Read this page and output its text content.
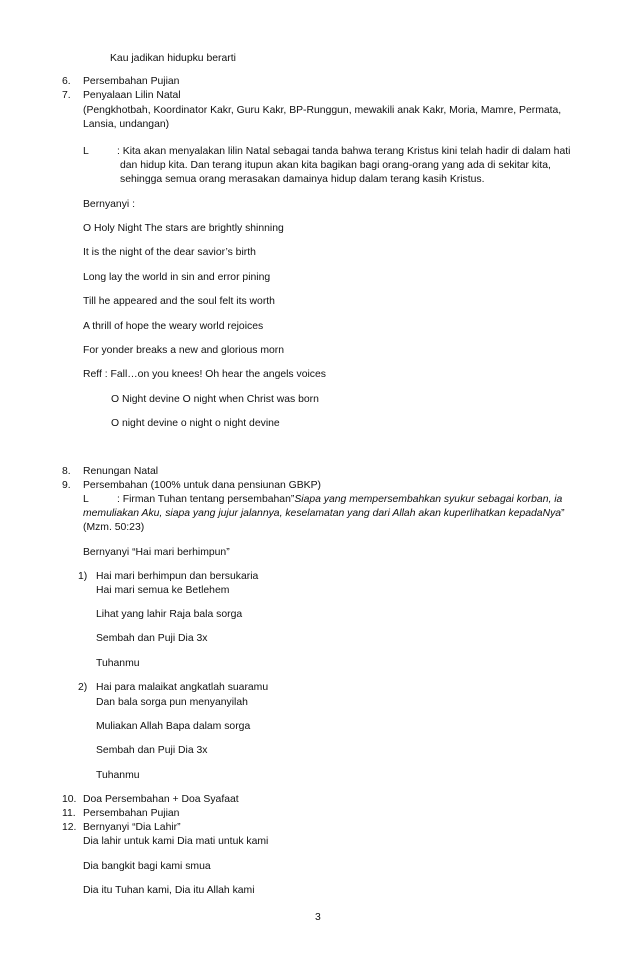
Kau jadikan hidupku berarti
6. Persembahan Pujian
7. Penyalaan Lilin Natal
(Pengkhotbah, Koordinator Kakr, Guru Kakr, BP-Runggun, mewakili anak Kakr, Moria, Mamre, Permata,
Lansia, undangan)
L	: Kita akan menyalakan lilin Natal sebagai tanda bahwa terang Kristus kini telah hadir di dalam hati
dan hidup kita. Dan terang itupun akan kita bagikan bagi orang-orang yang ada di sekitar kita,
sehingga semua orang merasakan damainya hidup dalam terang kasih Kristus.
Bernyanyi :
O Holy Night The stars are brightly shinning
It is the night of the dear savior’s birth
Long lay the world in sin and error pining
Till he appeared and the soul felt its worth
A thrill of hope the weary world rejoices
For yonder breaks a new and glorious morn
Reff : Fall…on you knees! Oh hear the angels voices
O Night devine O night when Christ was born
O night devine o night o night devine
8. Renungan Natal
9. Persembahan (100% untuk dana pensiunan GBKP)
L	: Firman Tuhan tentang persembahan”Siapa yang mempersembahkan syukur sebagai korban, ia
memuliakan Aku, siapa yang jujur jalannya, keselamatan yang dari Allah akan kuperlihatkan kepadaNya”
(Mzm. 50:23)
Bernyanyi “Hai mari berhimpun”
1) Hai mari berhimpun dan bersukaria
Hai mari semua ke Betlehem
Lihat yang lahir Raja bala sorga
Sembah dan Puji Dia 3x
Tuhanmu
2) Hai para malaikat angkatlah suaramu
Dan bala sorga pun menyanyilah
Muliakan Allah Bapa dalam sorga
Sembah dan Puji Dia 3x
Tuhanmu
10. Doa Persembahan + Doa Syafaat
11. Persembahan Pujian
12. Bernyanyi “Dia Lahir”
Dia lahir untuk kami Dia mati untuk kami
Dia bangkit bagi kami smua
Dia itu Tuhan kami, Dia itu Allah kami
3
